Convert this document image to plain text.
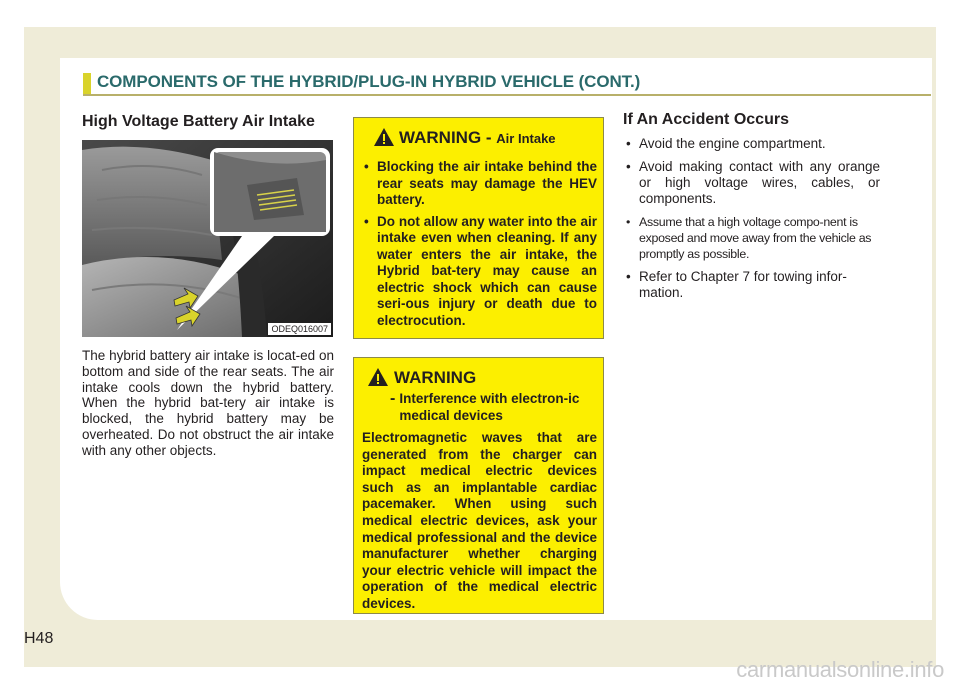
COMPONENTS OF THE HYBRID/PLUG-IN HYBRID VEHICLE (CONT.)
High Voltage Battery Air Intake
ODEQ016007

The hybrid battery air intake is locat-ed on bottom and side of the rear seats. The air intake cools down the hybrid battery. When the hybrid bat-tery air intake is blocked, the hybrid battery may be overheated. Do not obstruct the air intake with any other objects.

WARNING - Air Intake
• Blocking the air intake behind the rear seats may damage the HEV battery.
• Do not allow any water into the air intake even when cleaning. If any water enters the air intake, the Hybrid bat-tery may cause an electric shock which can cause seri-ous injury or death due to electrocution.
WARNING
- Interference with electron-ic medical devices

Electromagnetic waves that are generated from the charger can impact medical electric devices such as an implantable cardiac pacemaker. When using such medical electric devices, ask your medical professional and the device manufacturer whether charging your electric vehicle will impact the operation of the medical electric devices.

If An Accident Occurs
• Avoid the engine compartment.
• Avoid making contact with any orange or high voltage wires, cables, or components.
• Assume that a high voltage compo-nent is exposed and move away from the vehicle as promptly as possible.
• Refer to Chapter 7 for towing infor-mation.
H48
carmanualsonline.info
